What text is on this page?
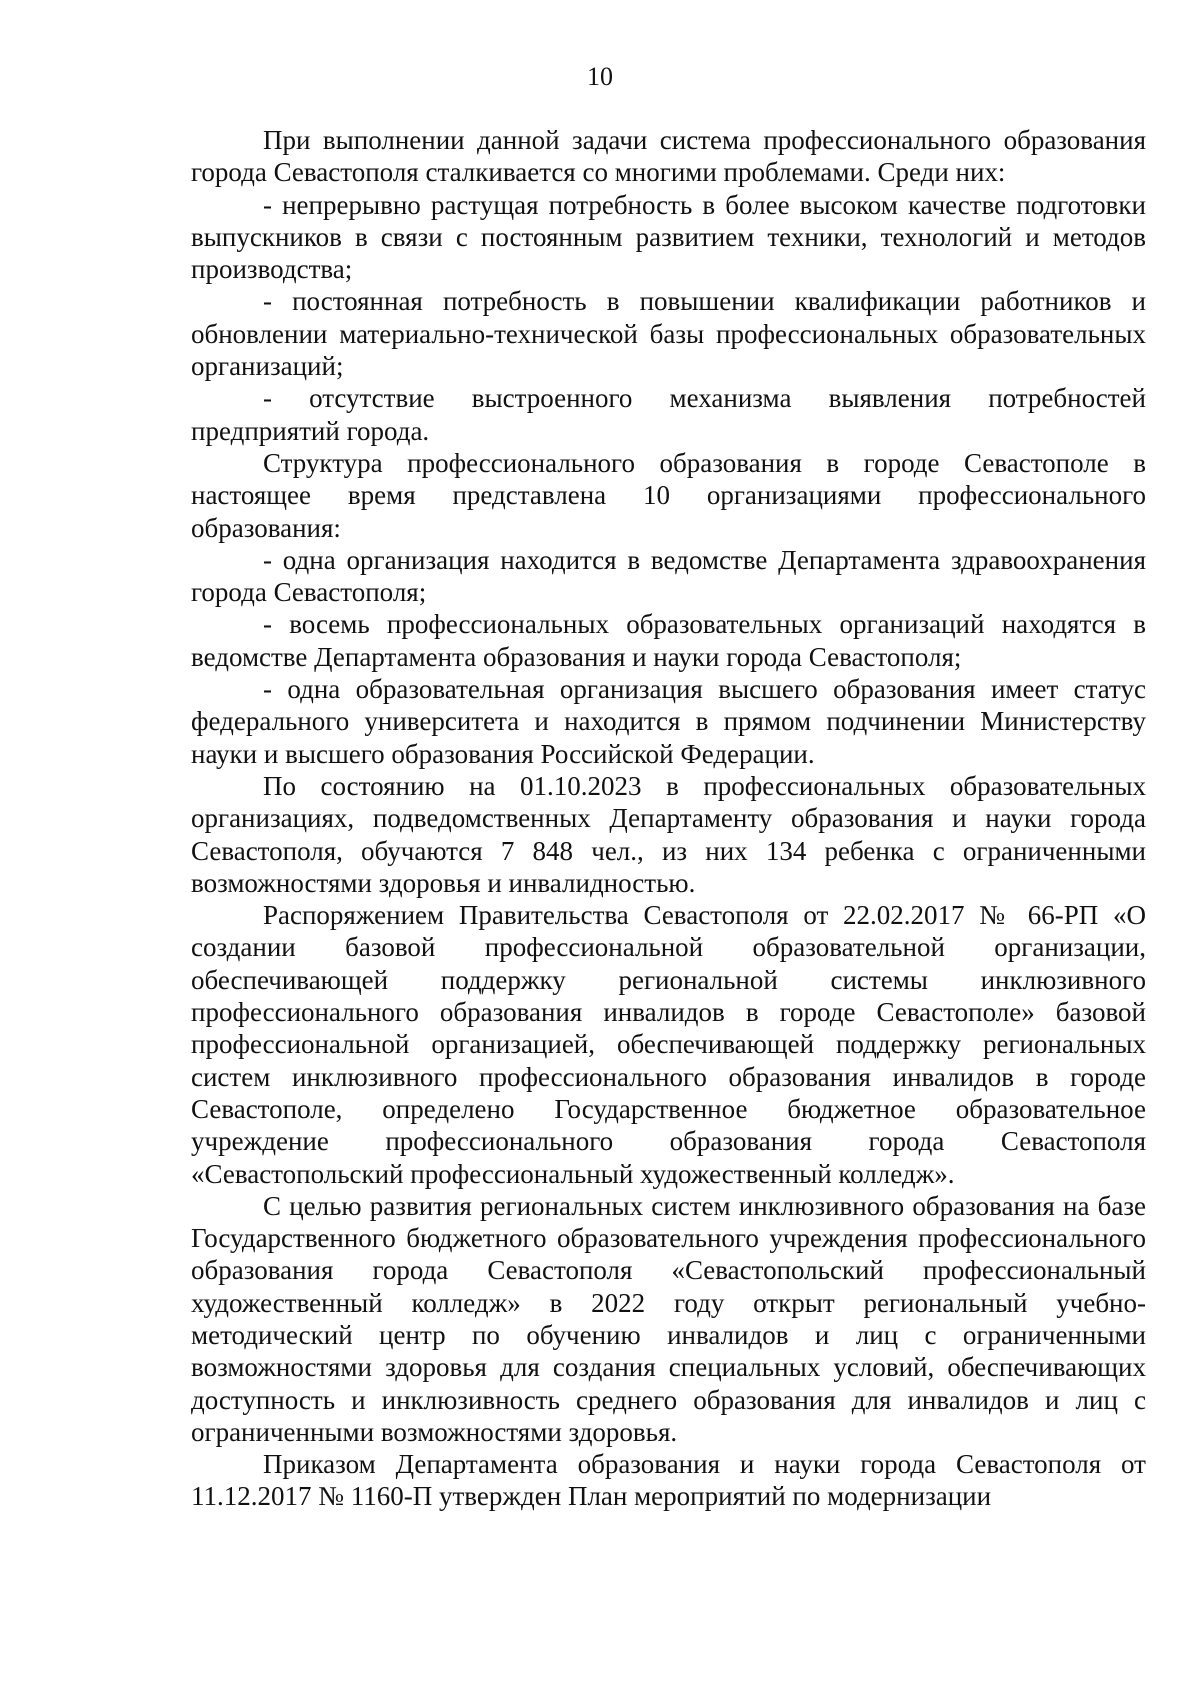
10

При выполнении данной задачи система профессионального образования города Севастополя сталкивается со многими проблемами. Среди них:

- непрерывно растущая потребность в более высоком качестве подготовки выпускников в связи с постоянным развитием техники, технологий и методов производства;

- постоянная потребность в повышении квалификации работников и обновлении материально-технической базы профессиональных образовательных организаций;

- отсутствие выстроенного механизма выявления потребностей предприятий города.

Структура профессионального образования в городе Севастополе в настоящее время представлена 10 организациями профессионального образования:

- одна организация находится в ведомстве Департамента здравоохранения города Севастополя;

- восемь профессиональных образовательных организаций находятся в ведомстве Департамента образования и науки города Севастополя;

- одна образовательная организация высшего образования имеет статус федерального университета и находится в прямом подчинении Министерству науки и высшего образования Российской Федерации.

По состоянию на 01.10.2023 в профессиональных образовательных организациях, подведомственных Департаменту образования и науки города Севастополя, обучаются 7 848 чел., из них 134 ребенка с ограниченными возможностями здоровья и инвалидностью.

Распоряжением Правительства Севастополя от 22.02.2017 № 66-РП «О создании базовой профессиональной образовательной организации, обеспечивающей поддержку региональной системы инклюзивного профессионального образования инвалидов в городе Севастополе» базовой профессиональной организацией, обеспечивающей поддержку региональных систем инклюзивного профессионального образования инвалидов в городе Севастополе, определено Государственное бюджетное образовательное учреждение профессионального образования города Севастополя «Севастопольский профессиональный художественный колледж».

С целью развития региональных систем инклюзивного образования на базе Государственного бюджетного образовательного учреждения профессионального образования города Севастополя «Севастопольский профессиональный художественный колледж» в 2022 году открыт региональный учебно-методический центр по обучению инвалидов и лиц с ограниченными возможностями здоровья для создания специальных условий, обеспечивающих доступность и инклюзивность среднего образования для инвалидов и лиц с ограниченными возможностями здоровья.

Приказом Департамента образования и науки города Севастополя от 11.12.2017 № 1160-П утвержден План мероприятий по модернизации
